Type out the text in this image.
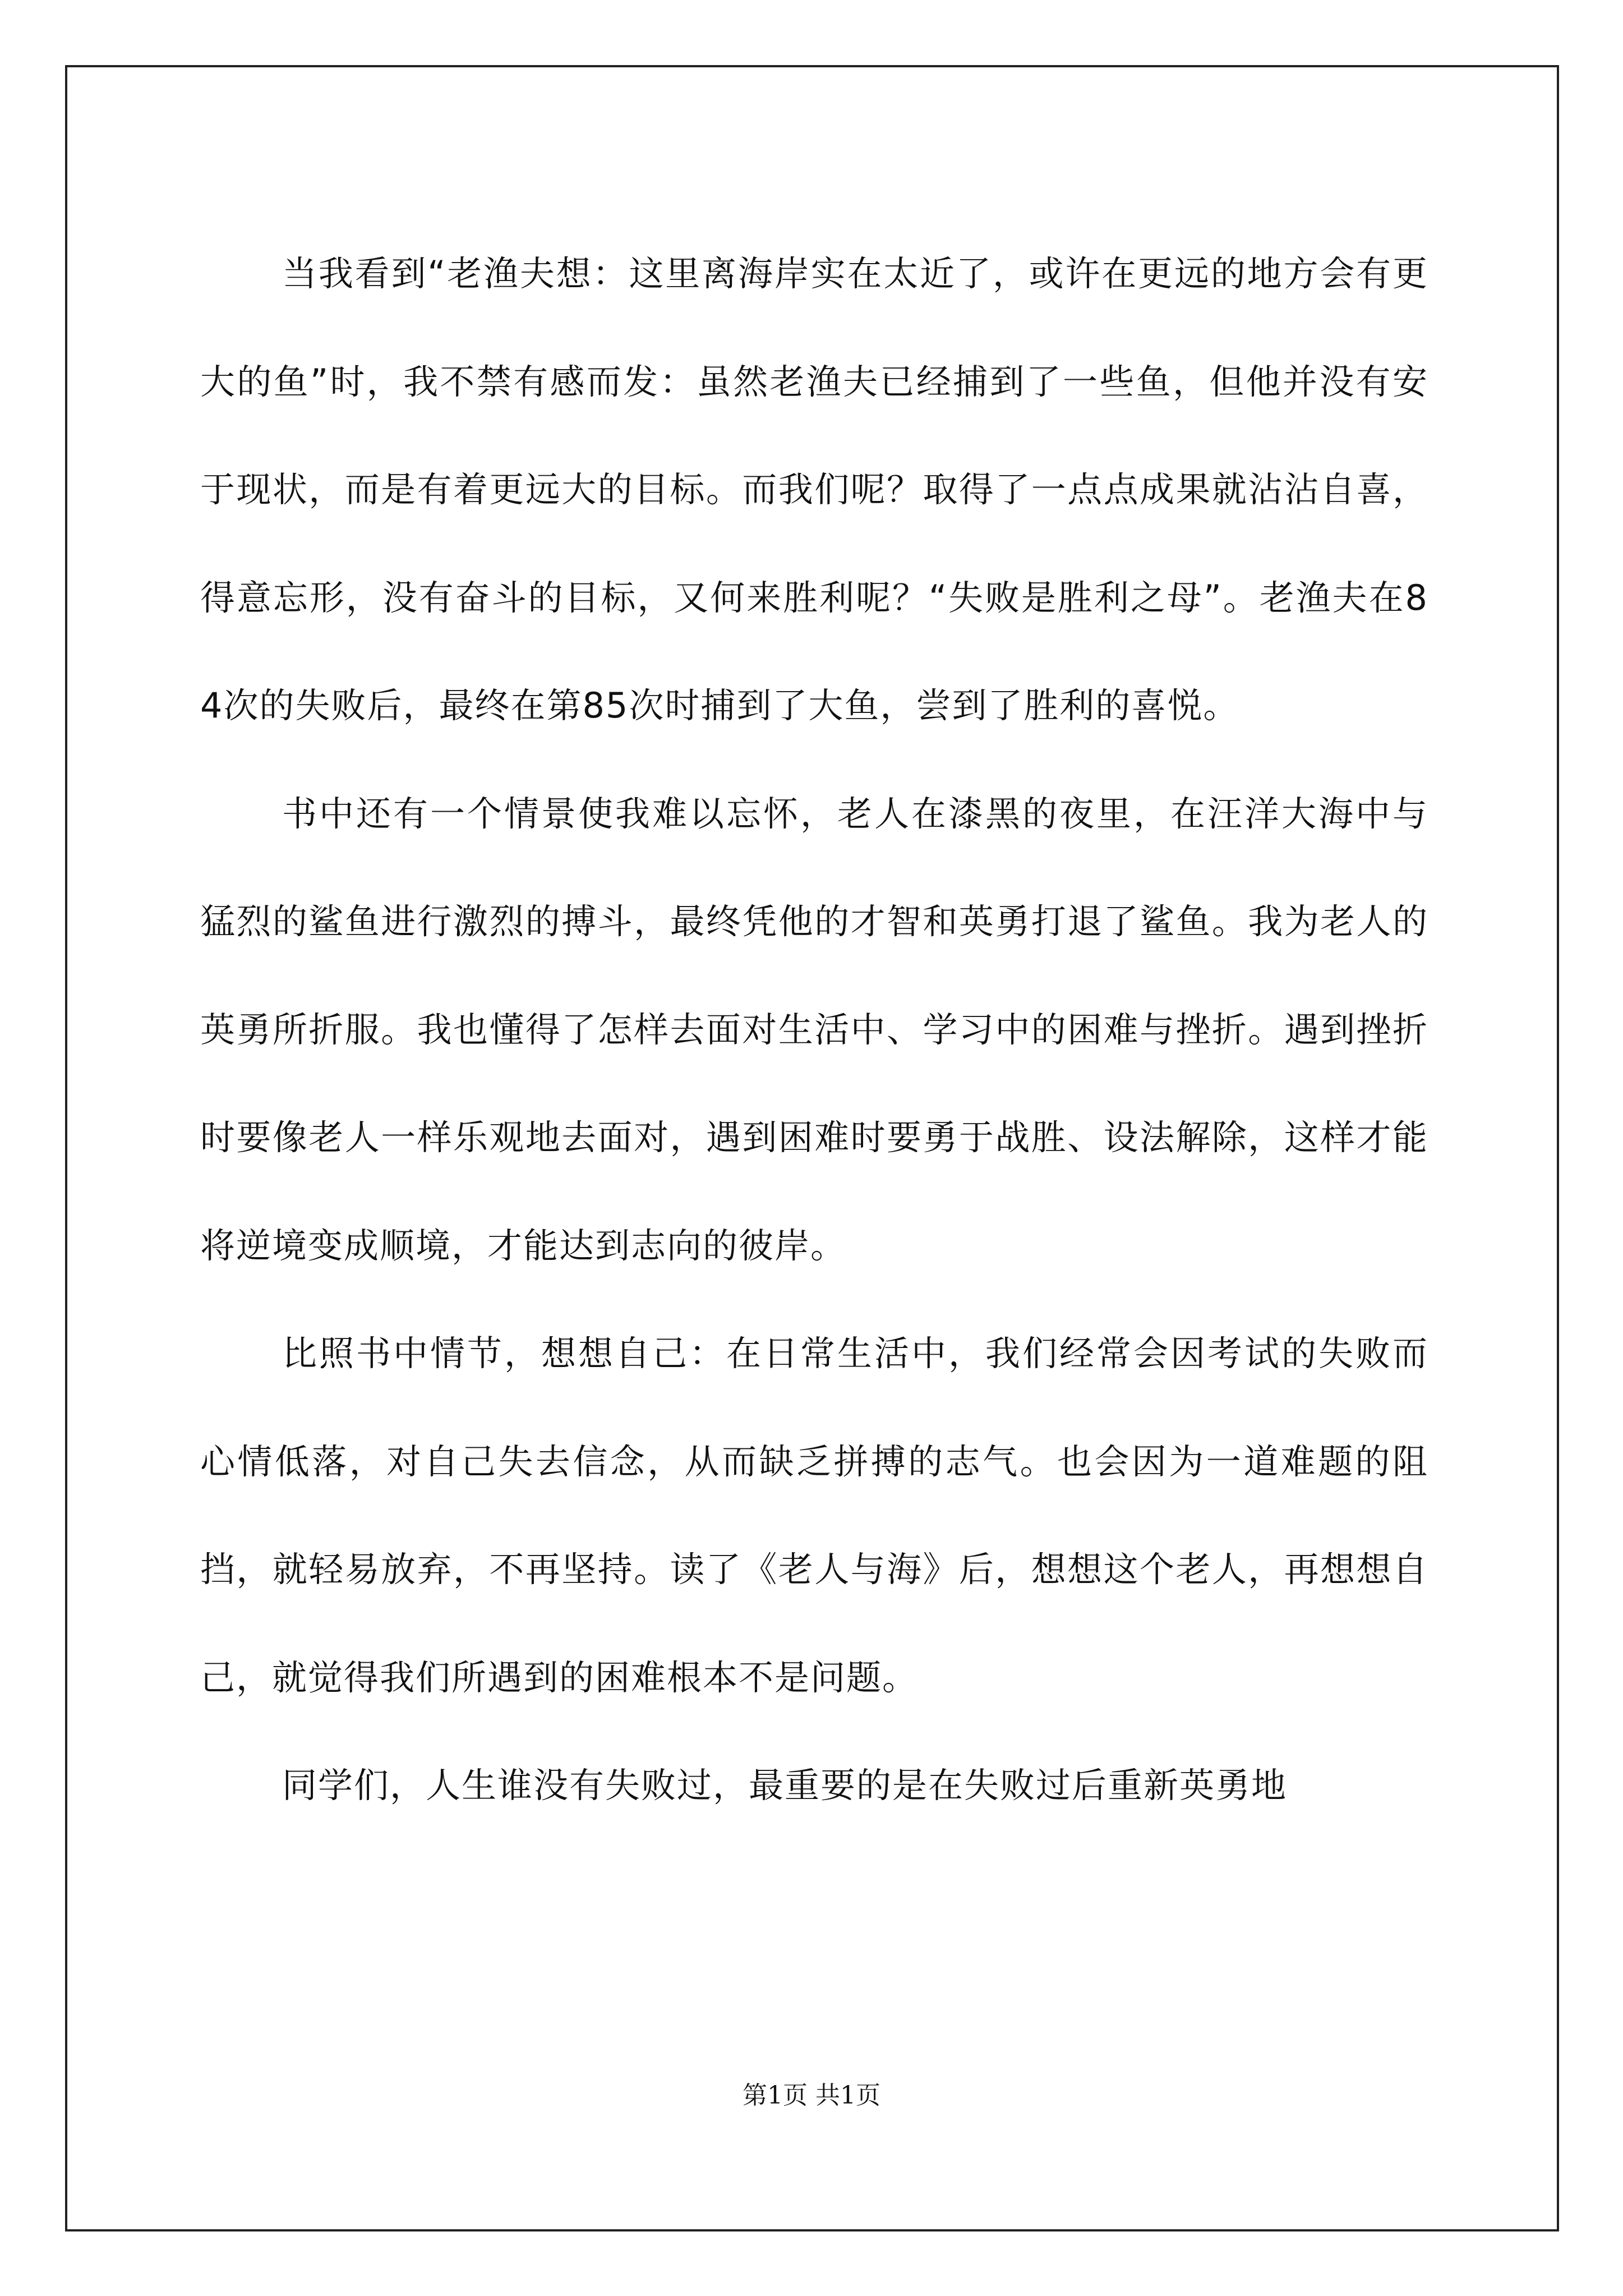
当我看到“老渔夫想：这里离海岸实在太近了，或许在更远的地方会有更大的鱼”时，我不禁有感而发：虽然老渔夫已经捕到了一些鱼，但他并没有安于现状，而是有着更远大的目标。而我们呢？取得了一点点成果就沾沾自喜，得意忘形，没有奋斗的目标，又何来胜利呢？“失败是胜利之母”。老渔夫在84次的失败后，最终在第85次时捕到了大鱼，尝到了胜利的喜悦。

书中还有一个情景使我难以忘怀，老人在漆黑的夜里，在汪洋大海中与猛烈的鲨鱼进行激烈的搏斗，最终凭他的才智和英勇打退了鲨鱼。我为老人的英勇所折服。我也懂得了怎样去面对生活中、学习中的困难与挫折。遇到挫折时要像老人一样乐观地去面对，遇到困难时要勇于战胜、设法解除，这样才能将逆境变成顺境，才能达到志向的彼岸。

比照书中情节，想想自己：在日常生活中，我们经常会因考试的失败而心情低落，对自己失去信念，从而缺乏拼搏的志气。也会因为一道难题的阻挡，就轻易放弃，不再坚持。读了《老人与海》后，想想这个老人，再想想自己，就觉得我们所遇到的困难根本不是问题。

同学们，人生谁没有失败过，最重要的是在失败过后重新英勇地

第1页 共1页
